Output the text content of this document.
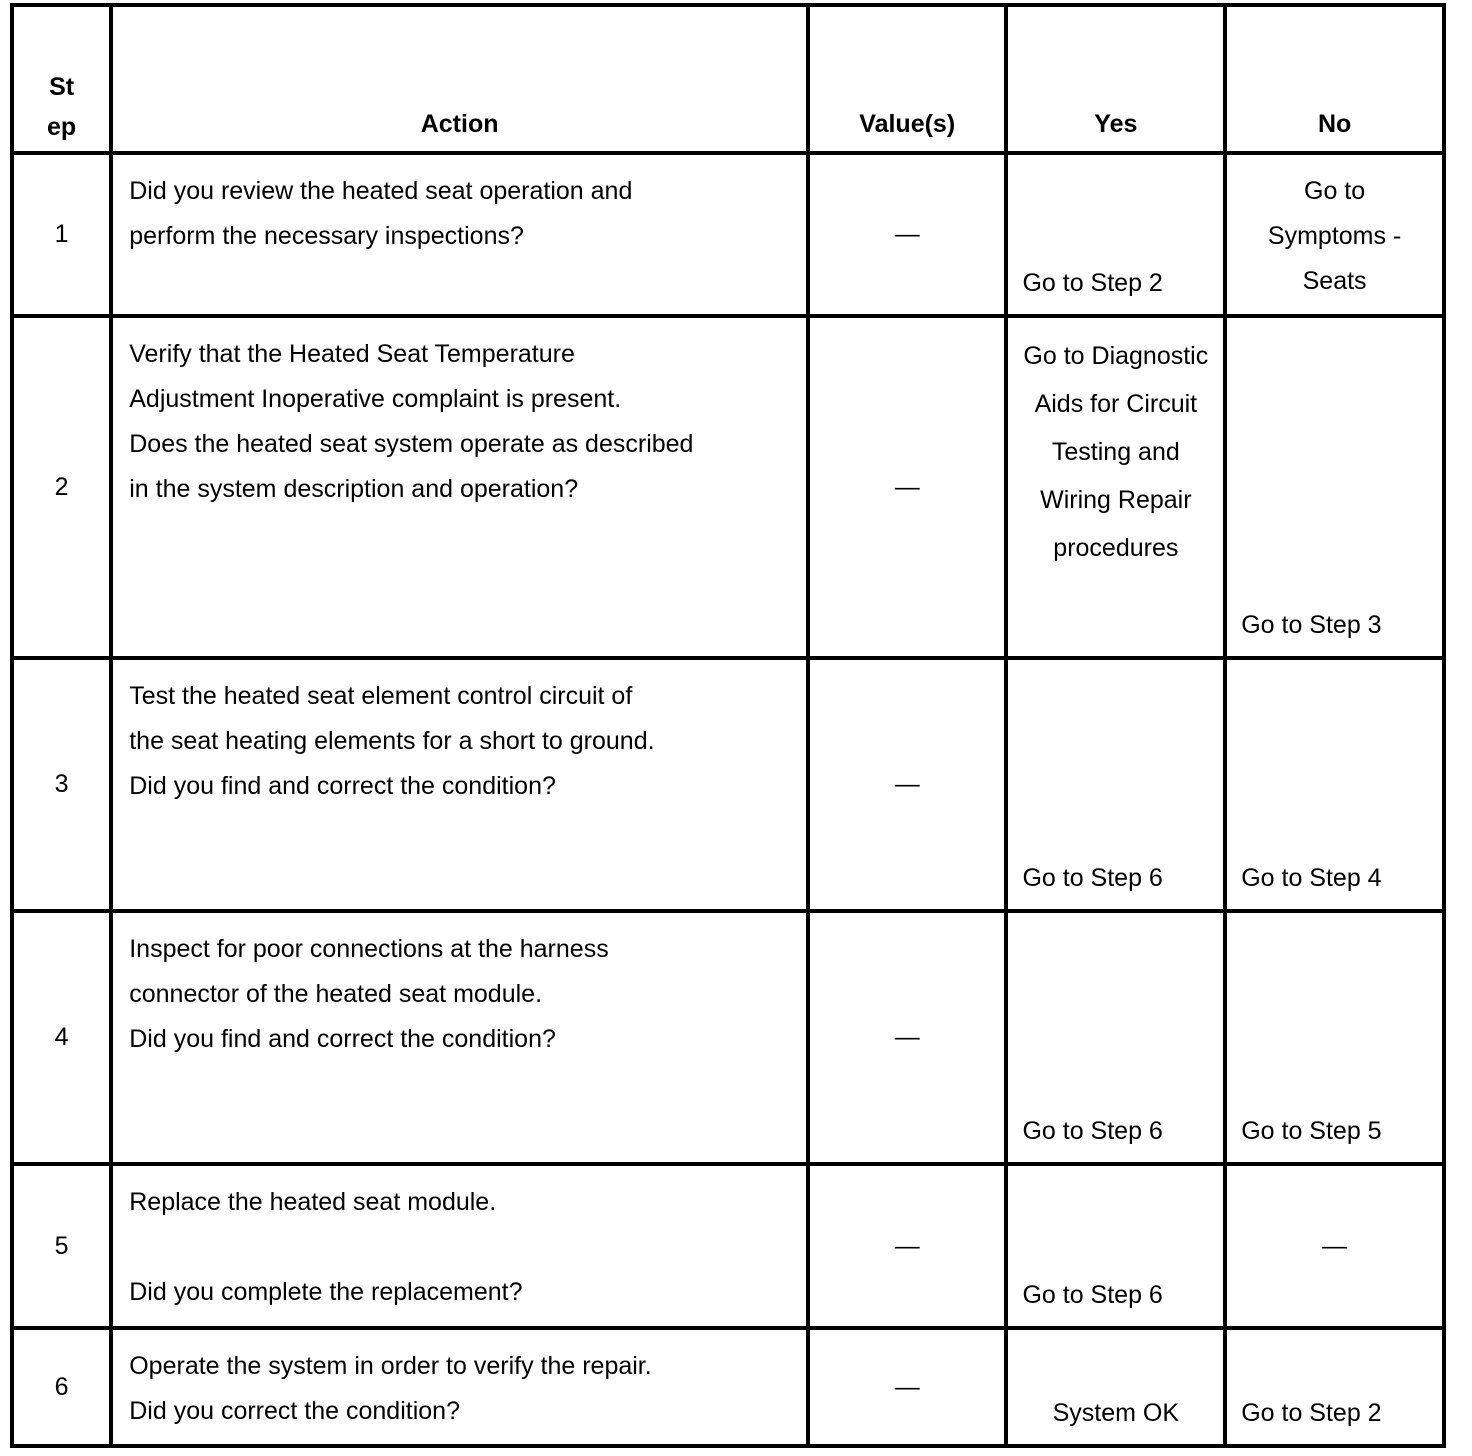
St
ep	Action	Value(s)	Yes	No
1	Did you review the heated seat operation and
perform the necessary inspections?	—	Go to Step 2	Go to
Symptoms -
Seats

2	Verify that the Heated Seat Temperature
Adjustment Inoperative complaint is present.
Does the heated seat system operate as described
in the system description and operation?	—	Go to Diagnostic
Aids for Circuit
Testing and
Wiring Repair
procedures	Go to Step 3
3	Test the heated seat element control circuit of
the seat heating elements for a short to ground.
Did you find and correct the condition?	—	Go to Step 6	Go to Step 4
4	Inspect for poor connections at the harness
connector of the heated seat module.
Did you find and correct the condition?	—	Go to Step 6	Go to Step 5
5	Replace the heated seat module.
Did you complete the replacement?	—	Go to Step 6	—
6	Operate the system in order to verify the repair.
Did you correct the condition?	—	System OK	Go to Step 2
